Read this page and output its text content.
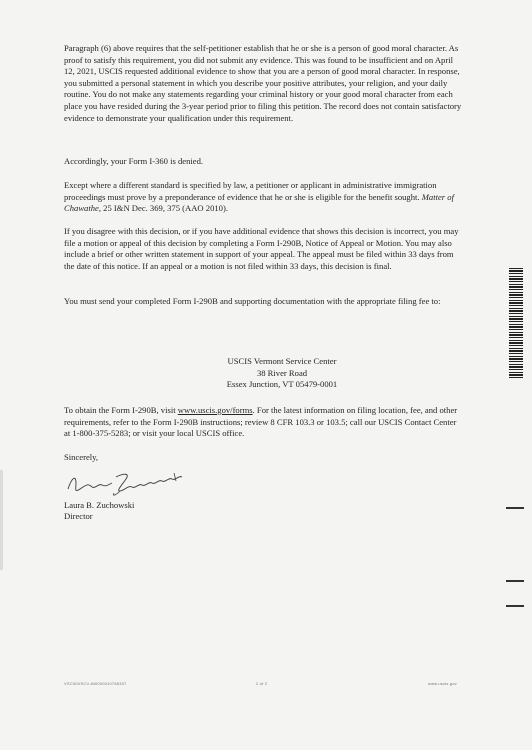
Paragraph (6) above requires that the self-petitioner establish that he or she is a person of good moral character. As proof to satisfy this requirement, you did not submit any evidence. This was found to be insufficient and on April 12, 2021, USCIS requested additional evidence to show that you are a person of good moral character. In response, you submitted a personal statement in which you describe your positive attributes, your religion, and your daily routine. You do not make any statements regarding your criminal history or your good moral character from each place you have resided during the 3-year period prior to filing this petition. The record does not contain satisfactory evidence to demonstrate your qualification under this requirement.

Accordingly, your Form I-360 is denied.

Except where a different standard is specified by law, a petitioner or applicant in administrative immigration proceedings must prove by a preponderance of evidence that he or she is eligible for the benefit sought. Matter of Chawathe, 25 I&N Dec. 369, 375 (AAO 2010).

If you disagree with this decision, or if you have additional evidence that shows this decision is incorrect, you may file a motion or appeal of this decision by completing a Form I-290B, Notice of Appeal or Motion. You may also include a brief or other written statement in support of your appeal. The appeal must be filed within 33 days from the date of this notice. If an appeal or a motion is not filed within 33 days, this decision is final.

You must send your completed Form I-290B and supporting documentation with the appropriate filing fee to:

USCIS Vermont Service Center
38 River Road
Essex Junction, VT 05479-0001

To obtain the Form I-290B, visit www.uscis.gov/forms. For the latest information on filing location, fee, and other requirements, refer to the Form I-290B instructions; review 8 CFR 103.3 or 103.5; call our USCIS Contact Center at 1-800-375-5283; or visit your local USCIS office.

Sincerely,
Laura B. Zuchowski
Director
VSC00VSCV-AW000010766337	2 of 2	www.uscis.gov
